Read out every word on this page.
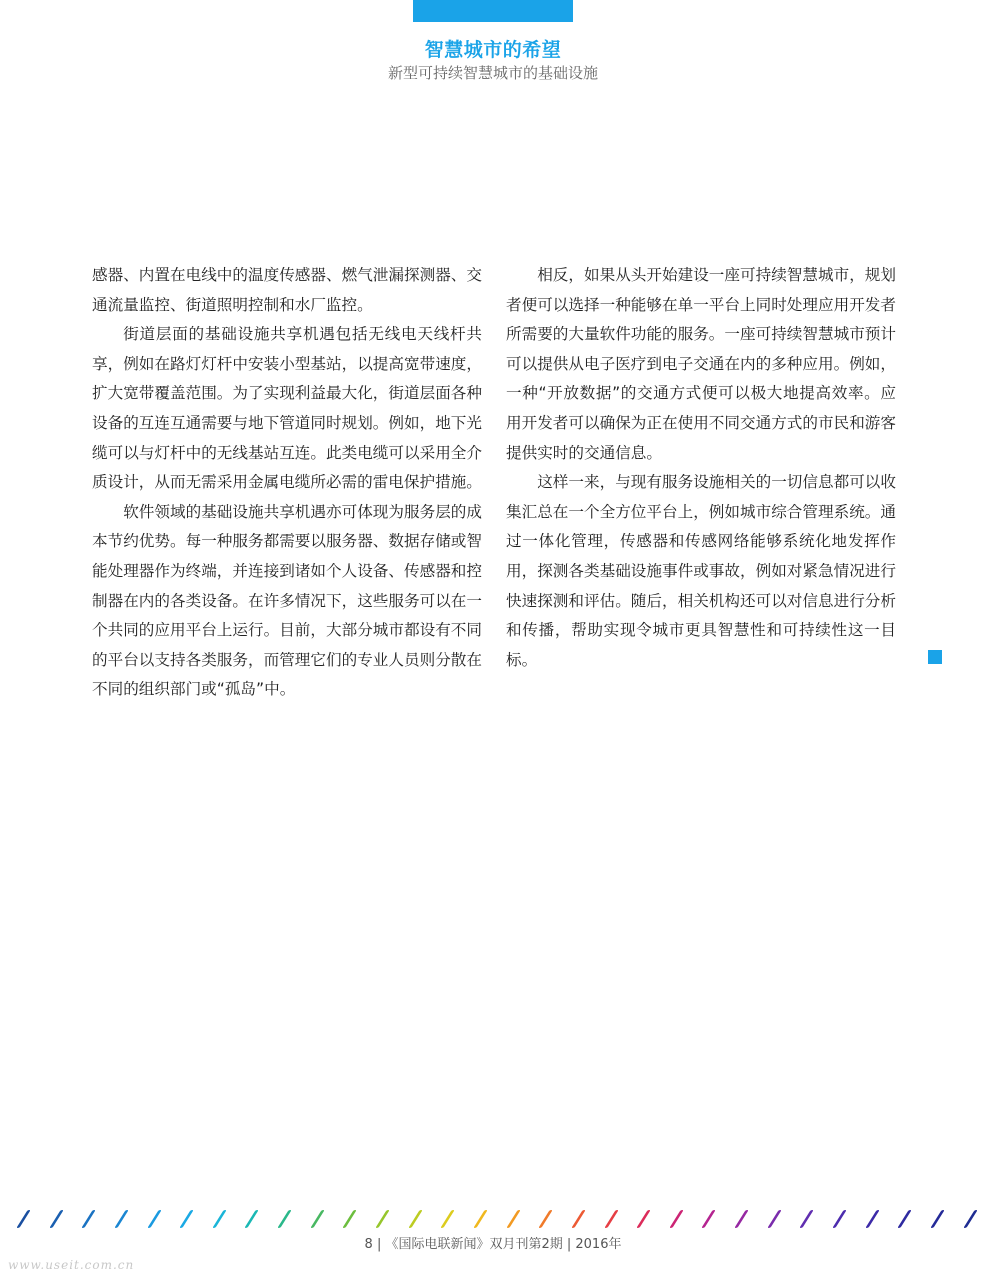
智慧城市的希望
新型可持续智慧城市的基础设施

感器、内置在电线中的温度传感器、燃气泄漏探测器、交通流量监控、街道照明控制和水厂监控。

街道层面的基础设施共享机遇包括无线电天线杆共享，例如在路灯灯杆中安装小型基站，以提高宽带速度，扩大宽带覆盖范围。为了实现利益最大化，街道层面各种设备的互连互通需要与地下管道同时规划。例如，地下光缆可以与灯杆中的无线基站互连。此类电缆可以采用全介质设计，从而无需采用金属电缆所必需的雷电保护措施。

软件领域的基础设施共享机遇亦可体现为服务层的成本节约优势。每一种服务都需要以服务器、数据存储或智能处理器作为终端，并连接到诸如个人设备、传感器和控制器在内的各类设备。在许多情况下，这些服务可以在一个共同的应用平台上运行。目前，大部分城市都设有不同的平台以支持各类服务，而管理它们的专业人员则分散在不同的组织部门或“孤岛”中。

相反，如果从头开始建设一座可持续智慧城市，规划者便可以选择一种能够在单一平台上同时处理应用开发者所需要的大量软件功能的服务。一座可持续智慧城市预计可以提供从电子医疗到电子交通在内的多种应用。例如，一种“开放数据”的交通方式便可以极大地提高效率。应用开发者可以确保为正在使用不同交通方式的市民和游客提供实时的交通信息。

这样一来，与现有服务设施相关的一切信息都可以收集汇总在一个全方位平台上，例如城市综合管理系统。通过一体化管理，传感器和传感网络能够系统化地发挥作用，探测各类基础设施事件或事故，例如对紧急情况进行快速探测和评估。随后，相关机构还可以对信息进行分析和传播，帮助实现令城市更具智慧性和可持续性这一目标。

8 | 《国际电联新闻》双月刊第2期 | 2016年
www.useit.com.cn
